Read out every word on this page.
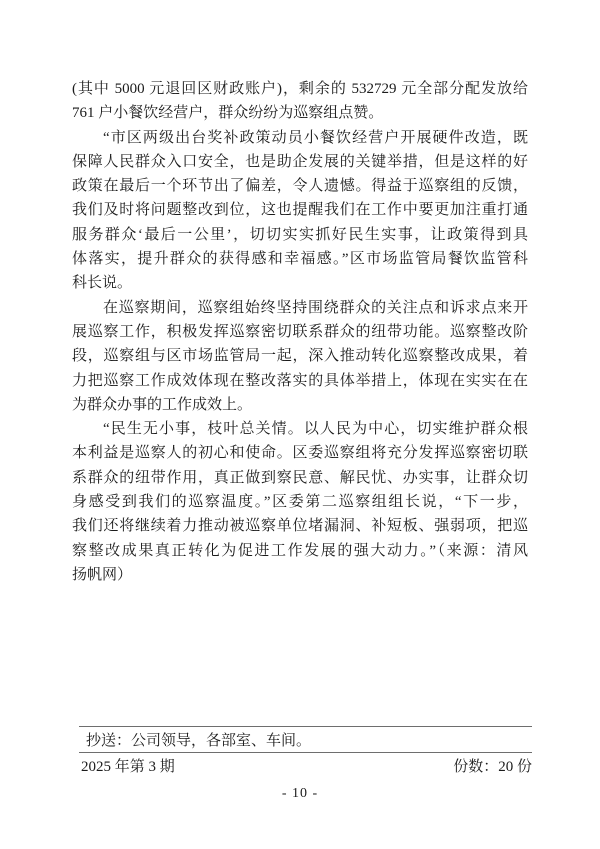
(其中 5000 元退回区财政账户)，剩余的 532729 元全部分配发放给
761 户小餐饮经营户，群众纷纷为巡察组点赞。
“市区两级出台奖补政策动员小餐饮经营户开展硬件改造，既
保障人民群众入口安全，也是助企发展的关键举措，但是这样的好
政策在最后一个环节出了偏差，令人遗憾。得益于巡察组的反馈，
我们及时将问题整改到位，这也提醒我们在工作中要更加注重打通
服务群众‘最后一公里’，切切实实抓好民生实事，让政策得到具
体落实，提升群众的获得感和幸福感。”区市场监管局餐饮监管科
科长说。
在巡察期间，巡察组始终坚持围绕群众的关注点和诉求点来开
展巡察工作，积极发挥巡察密切联系群众的纽带功能。巡察整改阶
段，巡察组与区市场监管局一起，深入推动转化巡察整改成果，着
力把巡察工作成效体现在整改落实的具体举措上，体现在实实在在
为群众办事的工作成效上。
“民生无小事，枝叶总关情。以人民为中心，切实维护群众根
本利益是巡察人的初心和使命。区委巡察组将充分发挥巡察密切联
系群众的纽带作用，真正做到察民意、解民忧、办实事，让群众切
身感受到我们的巡察温度。”区委第二巡察组组长说，“下一步，
我们还将继续着力推动被巡察单位堵漏洞、补短板、强弱项，把巡
察整改成果真正转化为促进工作发展的强大动力。”（来源：清风
扬帆网）
抄送：公司领导，各部室、车间。
2025 年第 3 期	份数：20 份
- 10 -
